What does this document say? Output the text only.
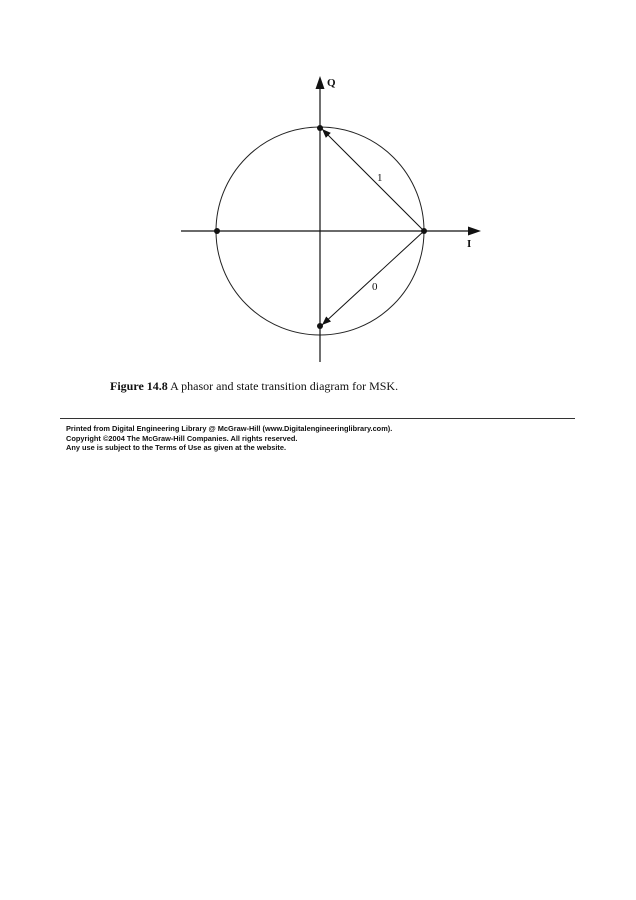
Q
I
1
0
Figure 14.8 A phasor and state transition diagram for MSK.
Printed from Digital Engineering Library @ McGraw-Hill (www.Digitalengineeringlibrary.com).
Copyright ©2004 The McGraw-Hill Companies. All rights reserved.
Any use is subject to the Terms of Use as given at the website.
